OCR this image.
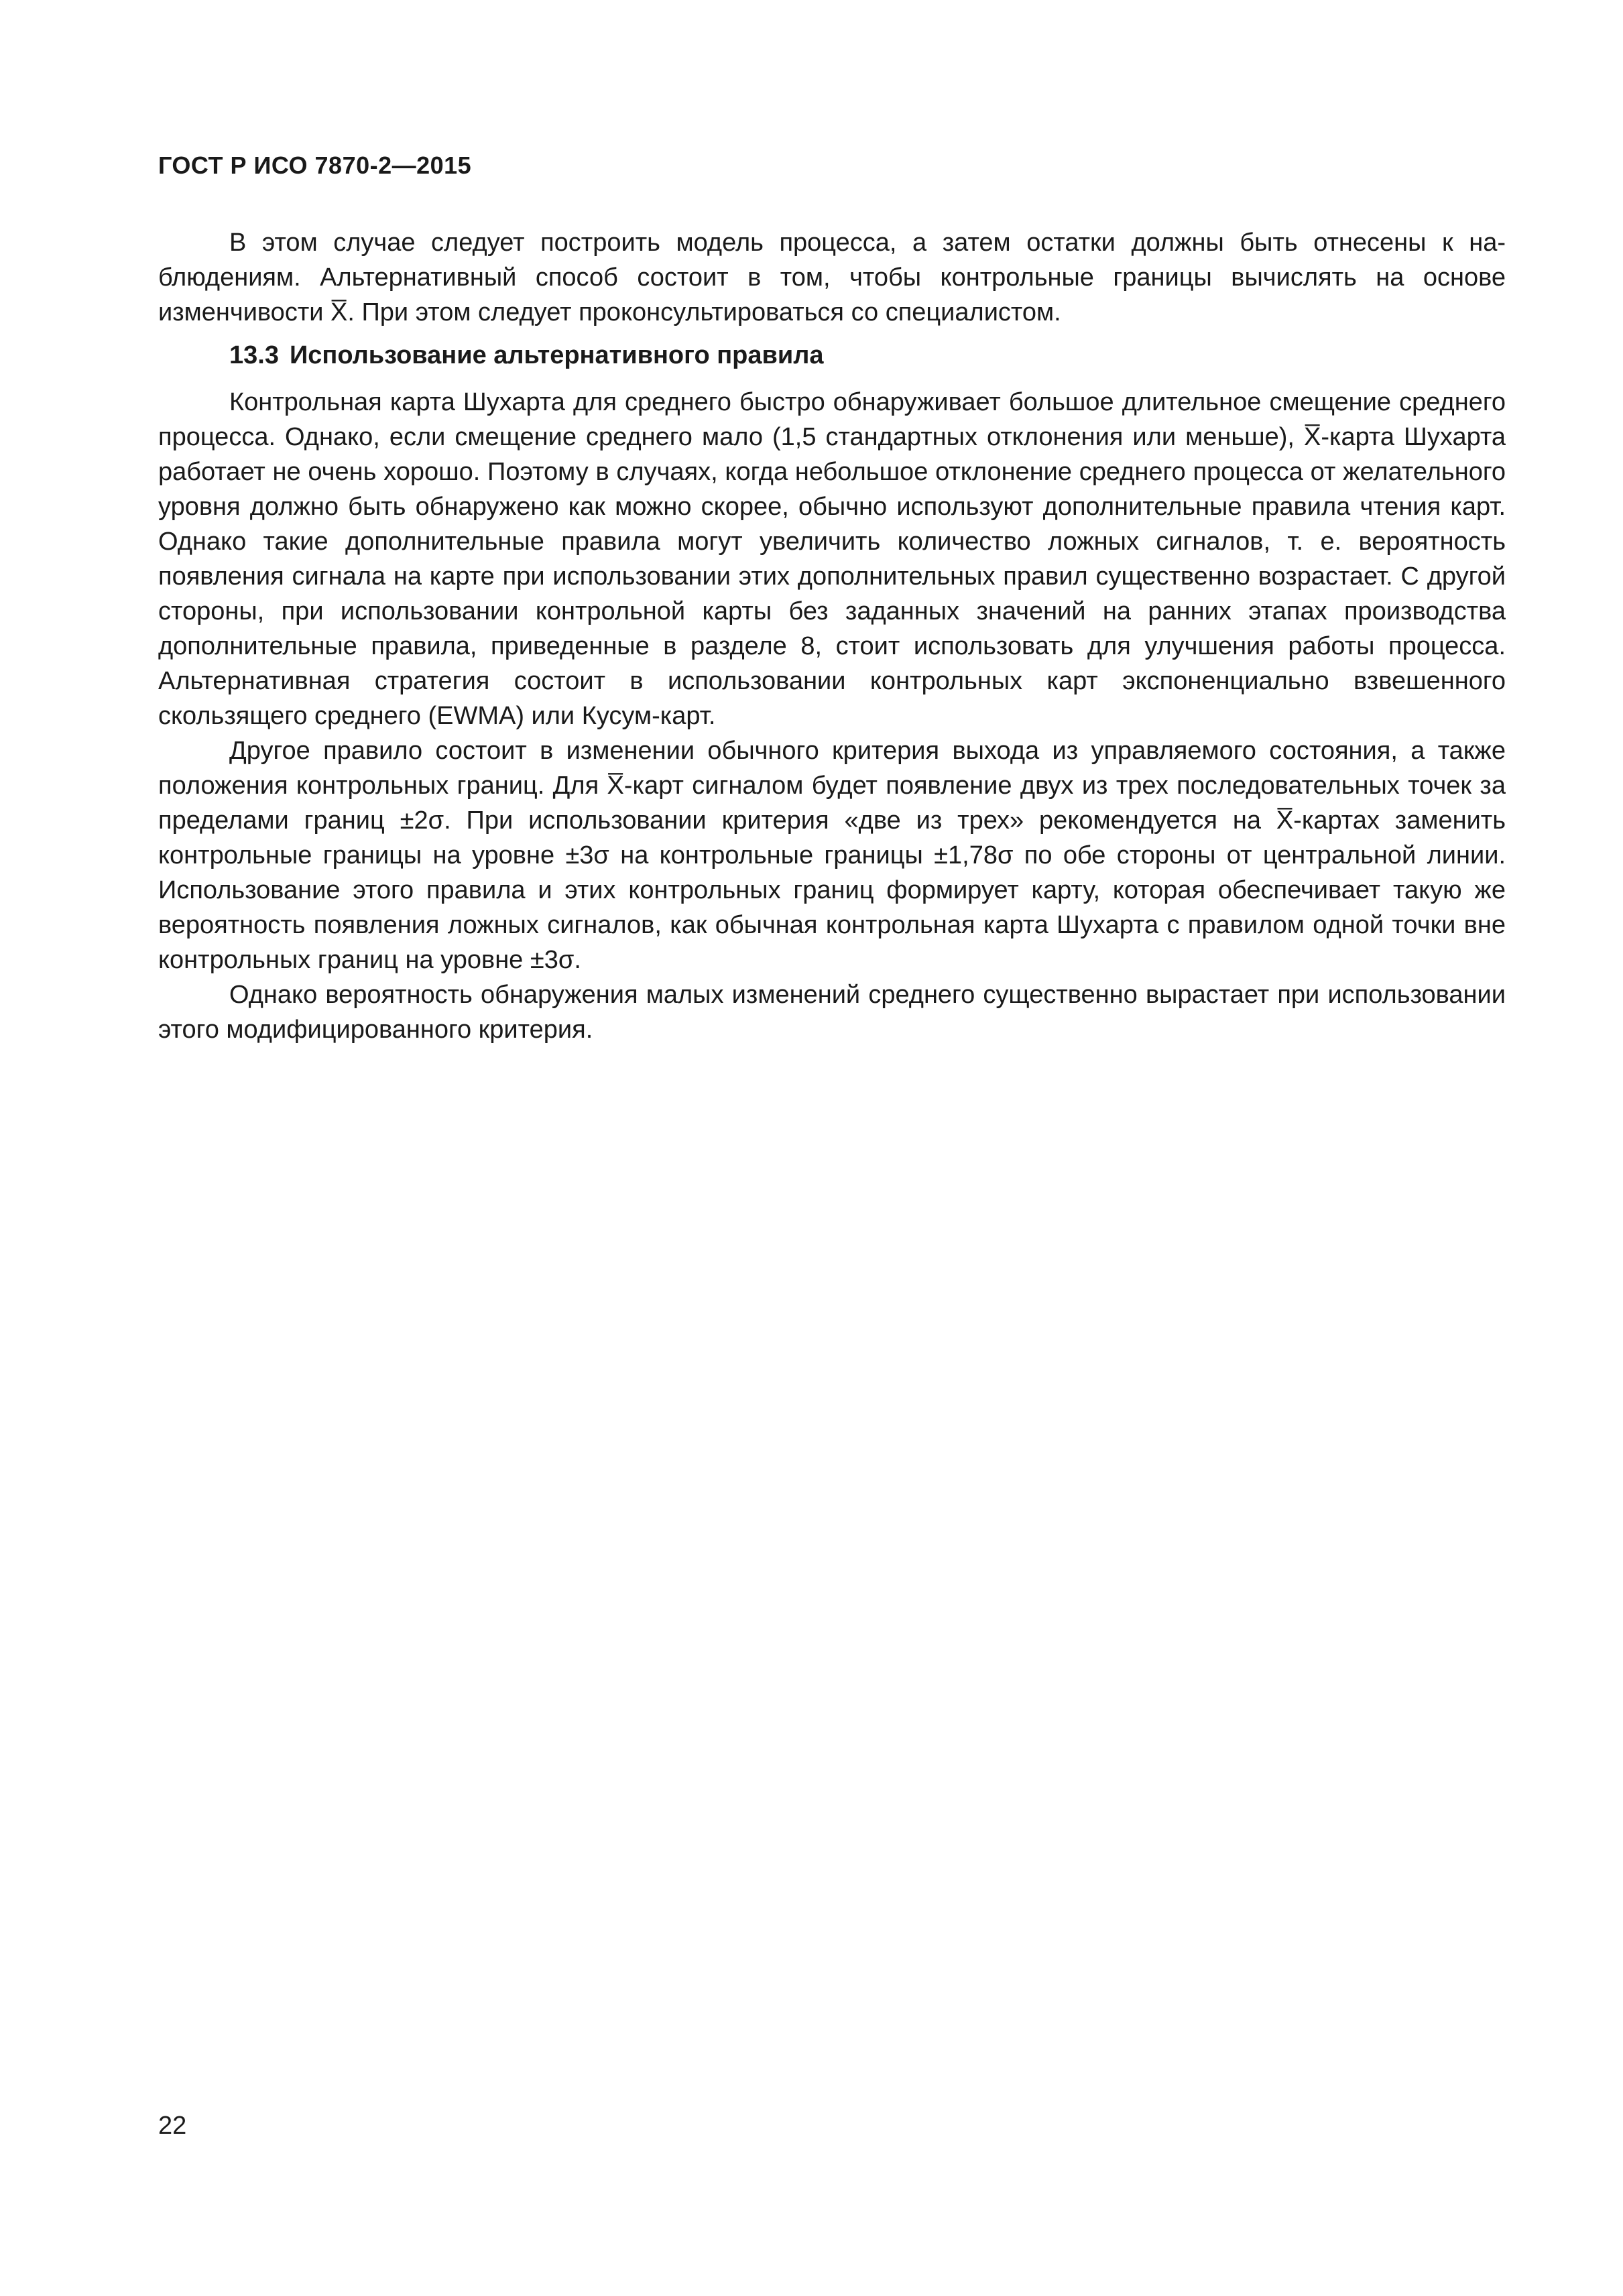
ГОСТ Р ИСО 7870-2—2015

В этом случае следует построить модель процесса, а затем остатки должны быть отнесены к наблюдениям. Альтернативный способ состоит в том, чтобы контрольные границы вычислять на основе изменчивости X̅. При этом следует проконсультироваться со специалистом.

13.3 Использование альтернативного правила

Контрольная карта Шухарта для среднего быстро обнаруживает большое длительное смещение среднего процесса. Однако, если смещение среднего мало (1,5 стандартных отклонения или меньше), X̅-карта Шухарта работает не очень хорошо. Поэтому в случаях, когда небольшое отклонение среднего процесса от желательного уровня должно быть обнаружено как можно скорее, обычно используют дополнительные правила чтения карт. Однако такие дополнительные правила могут увеличить количество ложных сигналов, т. е. вероятность появления сигнала на карте при использовании этих дополнительных правил существенно возрастает. С другой стороны, при использовании контрольной карты без заданных значений на ранних этапах производства дополнительные правила, приведенные в разделе 8, стоит использовать для улучшения работы процесса. Альтернативная стратегия состоит в использовании контрольных карт экспоненциально взвешенного скользящего среднего (EWMA) или Кусум-карт.

Другое правило состоит в изменении обычного критерия выхода из управляемого состояния, а также положения контрольных границ. Для X̅-карт сигналом будет появление двух из трех последовательных точек за пределами границ ±2σ. При использовании критерия «две из трех» рекомендуется на X̅-картах заменить контрольные границы на уровне ±3σ на контрольные границы ±1,78σ по обе стороны от центральной линии. Использование этого правила и этих контрольных границ формирует карту, которая обеспечивает такую же вероятность появления ложных сигналов, как обычная контрольная карта Шухарта с правилом одной точки вне контрольных границ на уровне ±3σ.

Однако вероятность обнаружения малых изменений среднего существенно вырастает при использовании этого модифицированного критерия.

22
